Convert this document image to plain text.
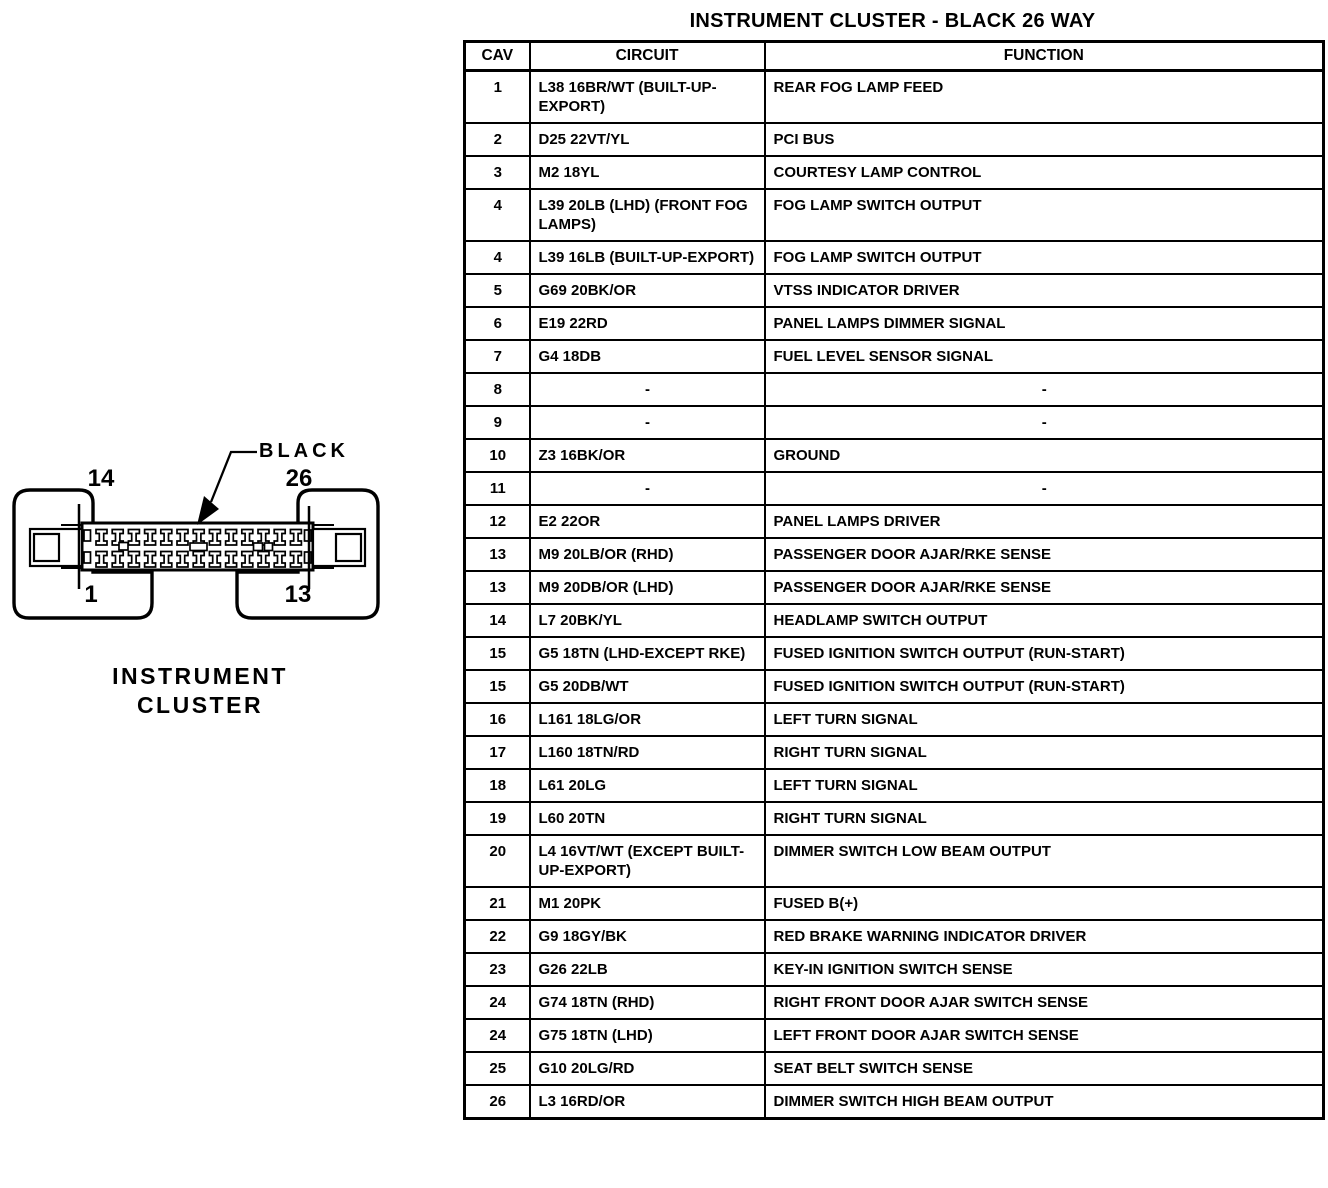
BLACK
14	26
1	13
INSTRUMENT
CLUSTER
INSTRUMENT CLUSTER - BLACK 26 WAY
CAV	CIRCUIT	FUNCTION
1	L38 16BR/WT (BUILT-UP-EXPORT)	REAR FOG LAMP FEED
2	D25 22VT/YL	PCI BUS
3	M2 18YL	COURTESY LAMP CONTROL
4	L39 20LB (LHD) (FRONT FOG LAMPS)	FOG LAMP SWITCH OUTPUT
4	L39 16LB (BUILT-UP-EXPORT)	FOG LAMP SWITCH OUTPUT
5	G69 20BK/OR	VTSS INDICATOR DRIVER
6	E19 22RD	PANEL LAMPS DIMMER SIGNAL
7	G4 18DB	FUEL LEVEL SENSOR SIGNAL
8	-	-
9	-	-
10	Z3 16BK/OR	GROUND
11	-	-
12	E2 22OR	PANEL LAMPS DRIVER
13	M9 20LB/OR (RHD)	PASSENGER DOOR AJAR/RKE SENSE
13	M9 20DB/OR (LHD)	PASSENGER DOOR AJAR/RKE SENSE
14	L7 20BK/YL	HEADLAMP SWITCH OUTPUT
15	G5 18TN (LHD-EXCEPT RKE)	FUSED IGNITION SWITCH OUTPUT (RUN-START)
15	G5 20DB/WT	FUSED IGNITION SWITCH OUTPUT (RUN-START)
16	L161 18LG/OR	LEFT TURN SIGNAL
17	L160 18TN/RD	RIGHT TURN SIGNAL
18	L61 20LG	LEFT TURN SIGNAL
19	L60 20TN	RIGHT TURN SIGNAL
20	L4 16VT/WT (EXCEPT BUILT-UP-EXPORT)	DIMMER SWITCH LOW BEAM OUTPUT
21	M1 20PK	FUSED B(+)
22	G9 18GY/BK	RED BRAKE WARNING INDICATOR DRIVER
23	G26 22LB	KEY-IN IGNITION SWITCH SENSE
24	G74 18TN (RHD)	RIGHT FRONT DOOR AJAR SWITCH SENSE
24	G75 18TN (LHD)	LEFT FRONT DOOR AJAR SWITCH SENSE
25	G10 20LG/RD	SEAT BELT SWITCH SENSE
26	L3 16RD/OR	DIMMER SWITCH HIGH BEAM OUTPUT
